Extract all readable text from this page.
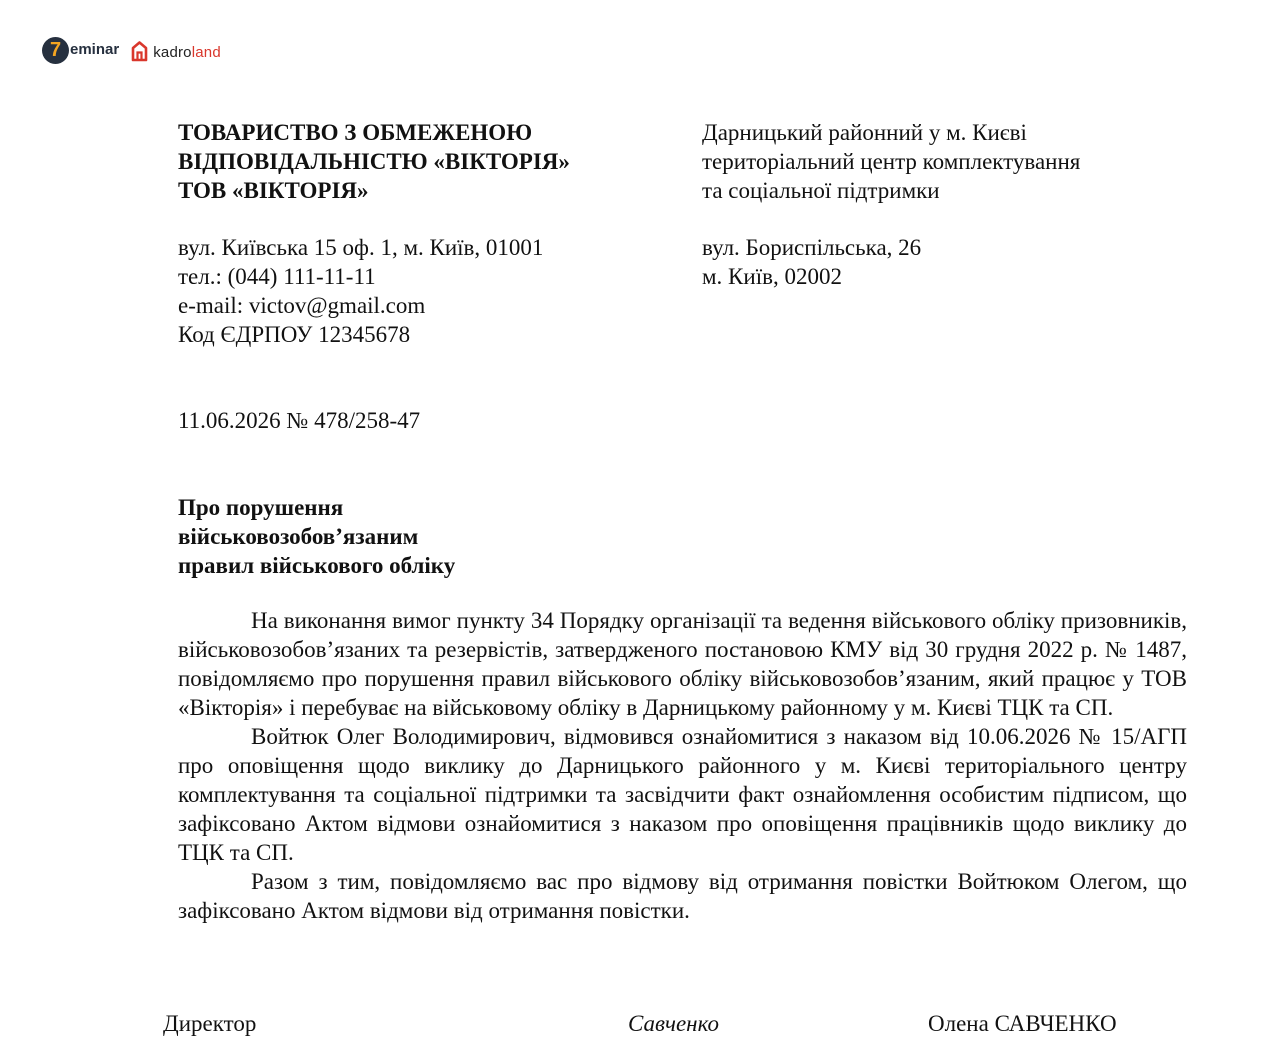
7 eminar kadroland
ТОВАРИСТВО З ОБМЕЖЕНОЮ
ВІДПОВІДАЛЬНІСТЮ «ВІКТОРІЯ»
ТОВ «ВІКТОРІЯ»
вул. Київська 15 оф. 1, м. Київ, 01001
тел.: (044) 111-11-11
e-mail: victov@gmail.com
Код ЄДРПОУ 12345678
Дарницький районний у м. Києві
територіальний центр комплектування
та соціальної підтримки
вул. Бориспільська, 26
м. Київ, 02002
11.06.2026 № 478/258-47
Про порушення
військовозобов’язаним
правил військового обліку

На виконання вимог пункту 34 Порядку організації та ведення військового обліку призовників, військовозобов’язаних та резервістів, затвердженого постановою КМУ від 30 грудня 2022 р. № 1487, повідомляємо про порушення правил військового обліку військовозобов’язаним, який працює у ТОВ «Вікторія» і перебуває на військовому обліку в Дарницькому районному у м. Києві ТЦК та СП.

Войтюк Олег Володимирович, відмовився ознайомитися з наказом від 10.06.2026 № 15/АГП про оповіщення щодо виклику до Дарницького районного у м. Києві територіального центру комплектування та соціальної підтримки та засвідчити факт ознайомлення особистим підписом, що зафіксовано Актом відмови ознайомитися з наказом про оповіщення працівників щодо виклику до ТЦК та СП.

Разом з тим, повідомляємо вас про відмову від отримання повістки Войтюком Олегом, що зафіксовано Актом відмови від отримання повістки.

Директор	Савченко	Олена САВЧЕНКО
